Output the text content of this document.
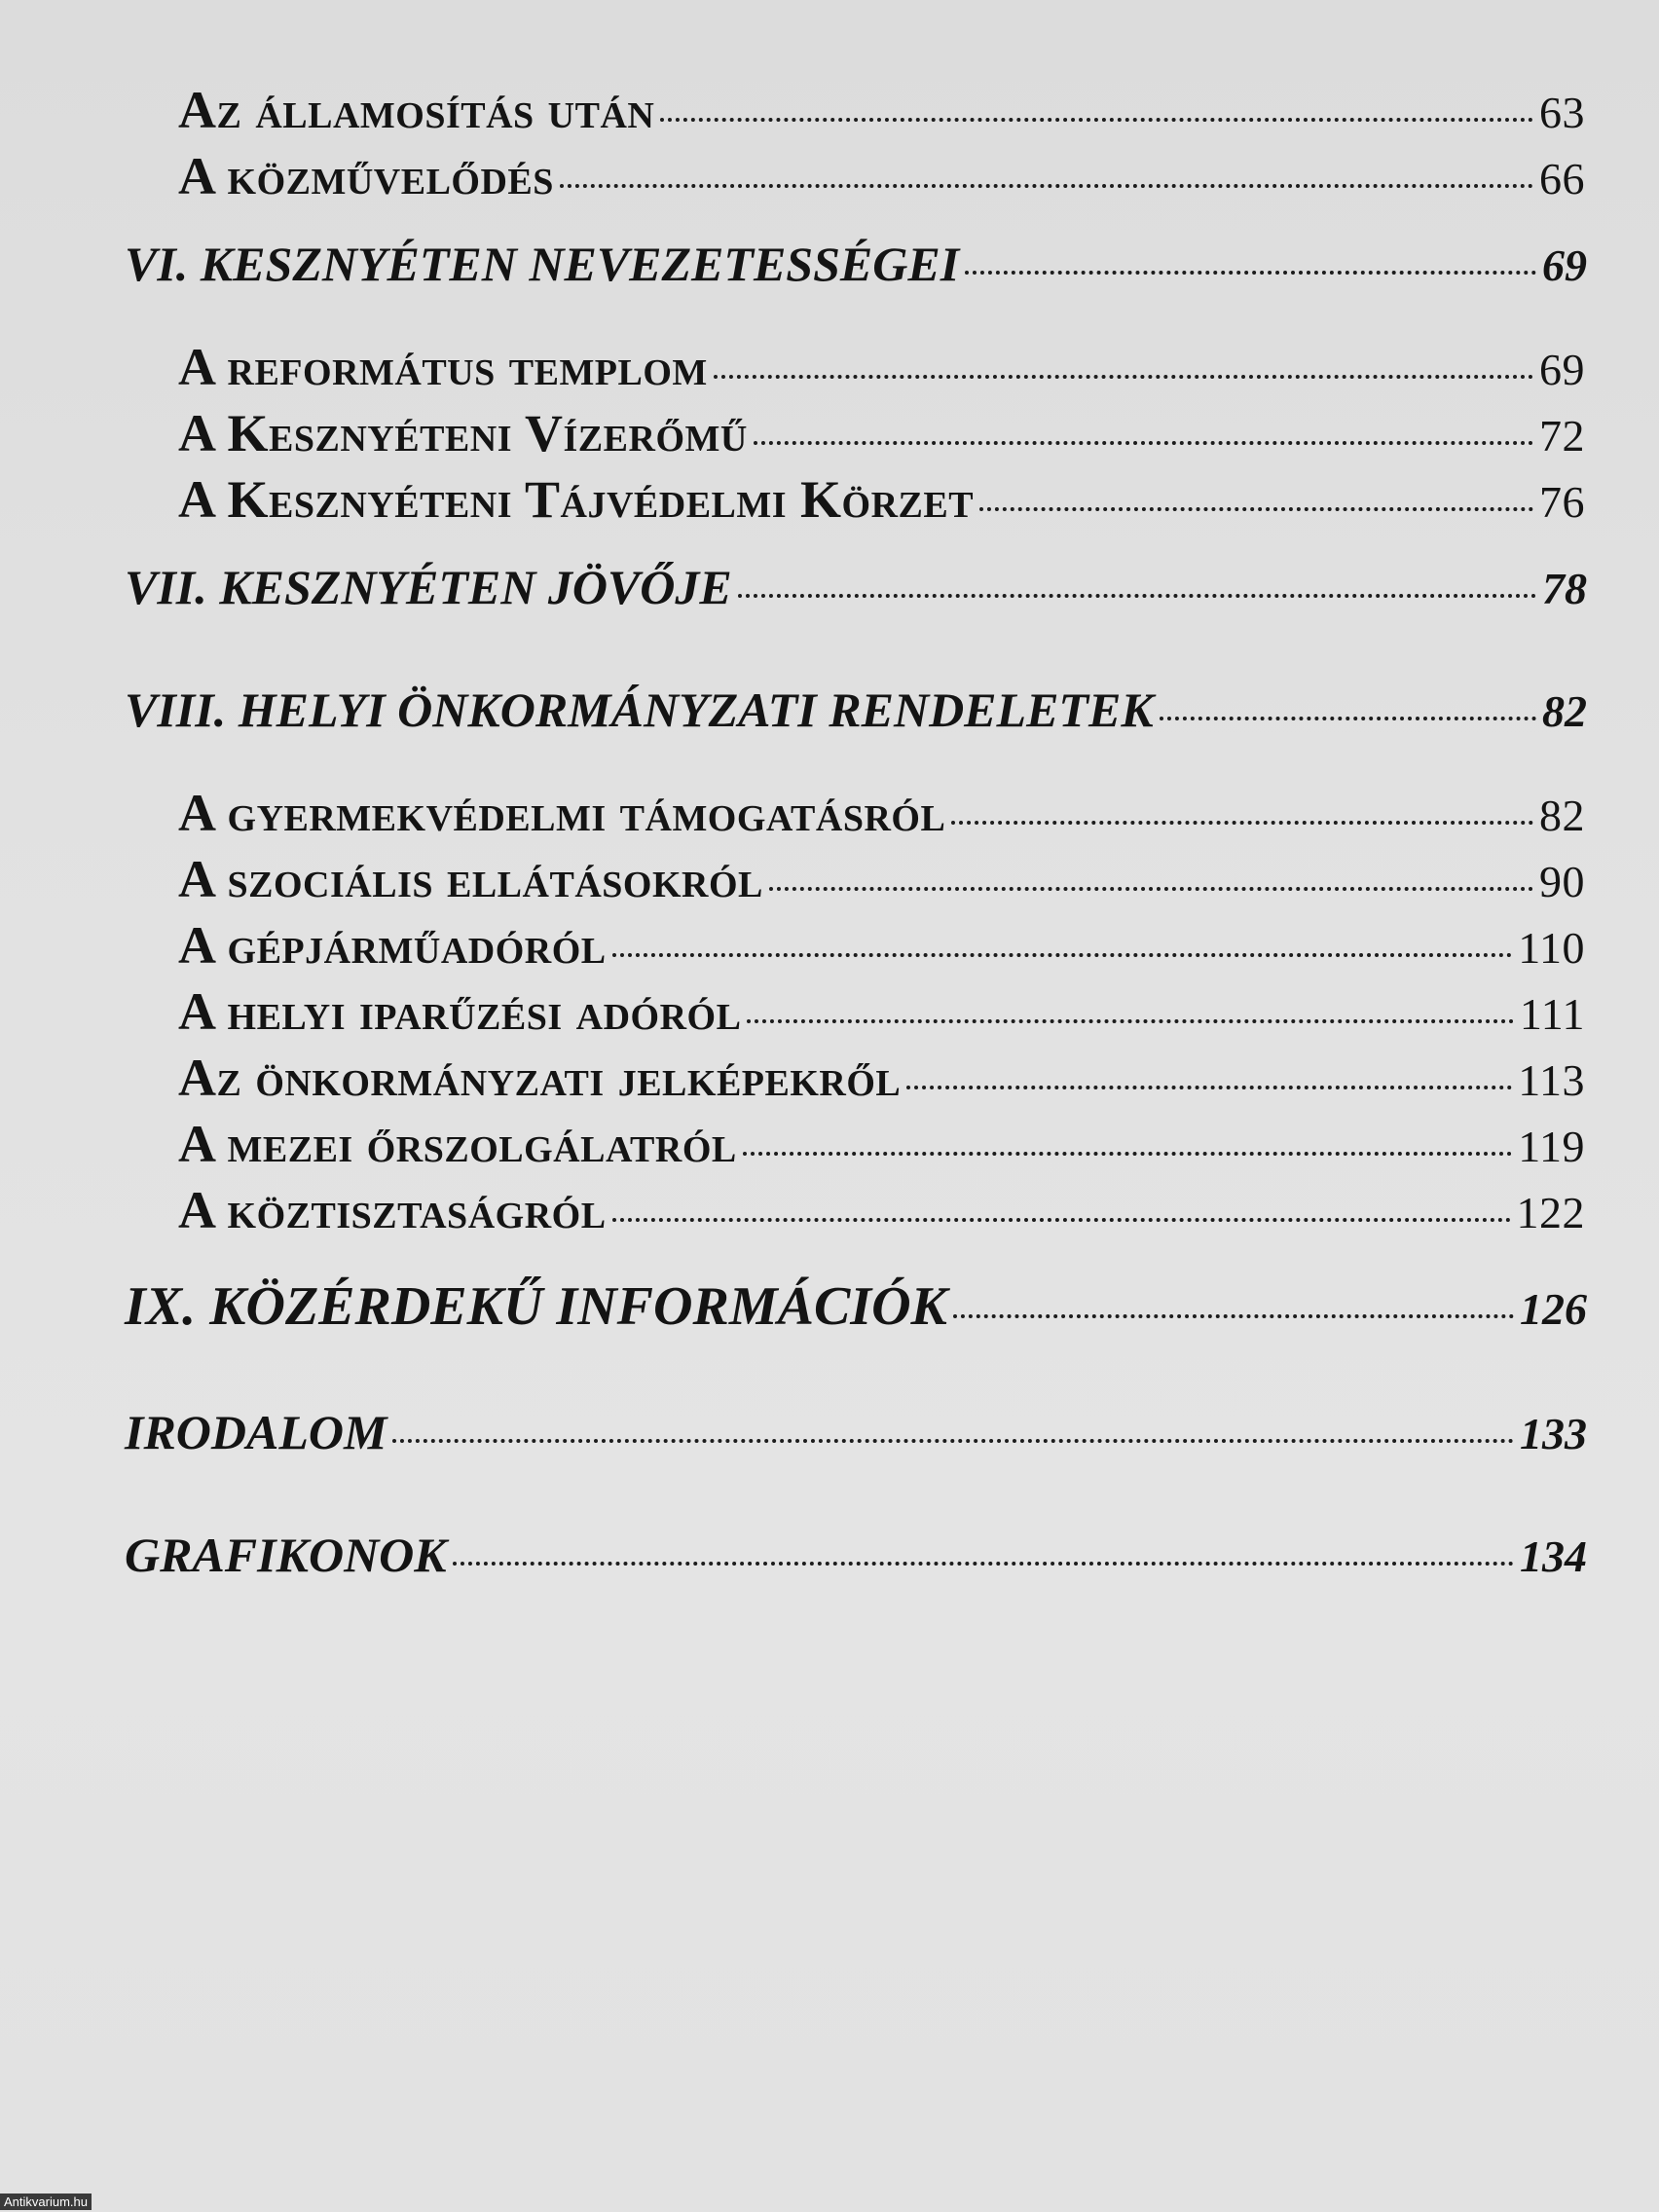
Az államosítás után	63
A közművelődés	66
VI. KESZNYÉTEN NEVEZETESSÉGEI	69
A református templom	69
A Kesznyéteni Vízerőmű	72
A Kesznyéteni Tájvédelmi Körzet	76
VII. KESZNYÉTEN JÖVŐJE	78
VIII. HELYI ÖNKORMÁNYZATI RENDELETEK	82
A gyermekvédelmi támogatásról	82
A szociális ellátásokról	90
A gépjárműadóról	110
A helyi iparűzési adóról	111
Az önkormányzati jelképekről	113
A mezei őrszolgálatról	119
A köztisztaságról	122
IX. KÖZÉRDEKŰ INFORMÁCIÓK	126
IRODALOM	133
GRAFIKONOK	134
Antikvarium.hu
